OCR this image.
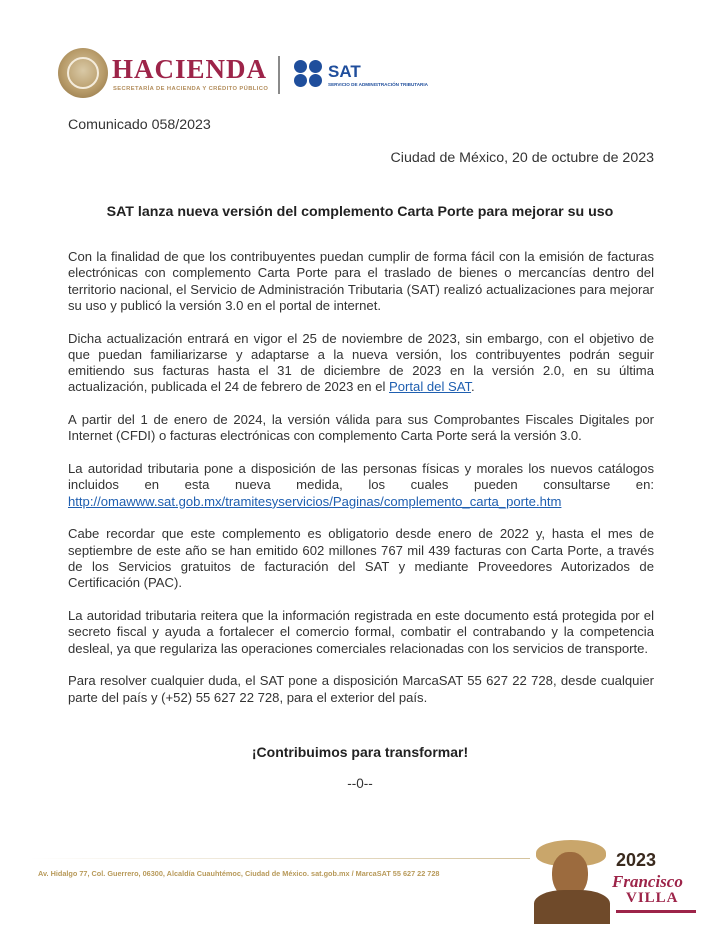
HACIENDA
SECRETARÍA DE HACIENDA Y CRÉDITO PÚBLICO
SAT
SERVICIO DE ADMINISTRACIÓN TRIBUTARIA
Comunicado 058/2023
Ciudad de México, 20 de octubre de 2023
SAT lanza nueva versión del complemento Carta Porte para mejorar su uso

Con la finalidad de que los contribuyentes puedan cumplir de forma fácil con la emisión de facturas electrónicas con complemento Carta Porte para el traslado de bienes o mercancías dentro del territorio nacional, el Servicio de Administración Tributaria (SAT) realizó actualizaciones para mejorar su uso y publicó la versión 3.0 en el portal de internet.

Dicha actualización entrará en vigor el 25 de noviembre de 2023, sin embargo, con el objetivo de que puedan familiarizarse y adaptarse a la nueva versión, los contribuyentes podrán seguir emitiendo sus facturas hasta el 31 de diciembre de 2023 en la versión 2.0, en su última actualización, publicada el 24 de febrero de 2023 en el Portal del SAT.

A partir del 1 de enero de 2024, la versión válida para sus Comprobantes Fiscales Digitales por Internet (CFDI) o facturas electrónicas con complemento Carta Porte será la versión 3.0.

La autoridad tributaria pone a disposición de las personas físicas y morales los nuevos catálogos incluidos en esta nueva medida, los cuales pueden consultarse en: http://omawww.sat.gob.mx/tramitesyservicios/Paginas/complemento_carta_porte.htm

Cabe recordar que este complemento es obligatorio desde enero de 2022 y, hasta el mes de septiembre de este año se han emitido 602 millones 767 mil 439 facturas con Carta Porte, a través de los Servicios gratuitos de facturación del SAT y mediante Proveedores Autorizados de Certificación (PAC).

La autoridad tributaria reitera que la información registrada en este documento está protegida por el secreto fiscal y ayuda a fortalecer el comercio formal, combatir el contrabando y la competencia desleal, ya que regulariza las operaciones comerciales relacionadas con los servicios de transporte.

Para resolver cualquier duda, el SAT pone a disposición MarcaSAT 55 627 22 728, desde cualquier parte del país y (+52) 55 627 22 728, para el exterior del país.

¡Contribuimos para transformar!
--0--
Av. Hidalgo 77, Col. Guerrero, 06300, Alcaldía Cuauhtémoc, Ciudad de México. sat.gob.mx / MarcaSAT 55 627 22 728
2023
Francisco
VILLA
